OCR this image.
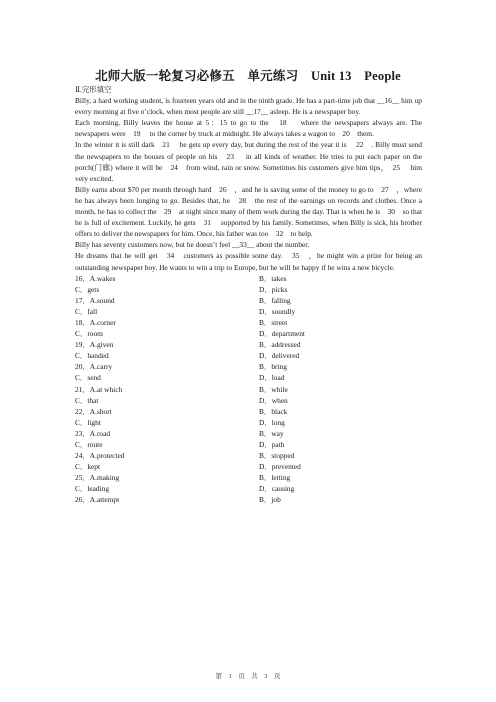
北师大版一轮复习必修五　单元练习　Unit 13　People

Ⅱ.完形填空

Billy, a hard working student, is fourteen years old and in the ninth grade. He has a part-time job that __16__ him up every morning at five o’clock, when most people are still __17__ asleep. He is a newspaper boy.

Each morning, Billy leaves the house at 5：15 to go to the　18　 where the newspapers always are. The newspapers were　19　 to the corner by truck at midnight. He always takes a wagon to　20　them.

In the winter it is still dark　21　 he gets up every day, but during the rest of the year it is 　22　. Billy must send the newspapers to the houses of people on his　23　 in all kinds of weather. He tries to put each paper on the porch(门廊) where it will be　24　from wind, rain or snow. Sometimes his customers give him tips，　25　 him very excited.

Billy earns about $70 per month through hard　26　，and he is saving some of the money to go to　27　，where he has always been longing to go. Besides that, he　28　the rest of the earnings on records and clothes. Once a month, he has to collect the　29　at night since many of them work during the day. That is when he is　30　so that he is full of excitement. Luckily, he gets　31　 supported by his family. Sometimes, when Billy is sick, his brother offers to deliver the newspapers for him. Once, his father was too　32　to help.

Billy has seventy customers now, but he doesn’t feel __33__ about the number.

He dreams that he will get　34　customers as possible some day.　35　，he might win a prize for being an outstanding newspaper boy. He wants to win a trip to Europe, but he will be happy if he wins a new bicycle.

16．A.wakes	B．takes
C．gets	D．picks
17．A.sound	B．falling
C．fall	D．soundly
18．A.corner	B．street
C．room	D．department
19．A.given	B．addressed
C．handed	D．delivered
20．A.carry	B．bring
C．send	D．load
21．A.at which	B．while
C．that	D．when
22．A.short	B．black
C．light	D．long
23．A.road	B．way
C．route	D．path
24．A.protected	B．stopped
C．kept	D．prevented
25．A.making	B．letting
C．leading	D．causing
26．A.attempt	B．job
第　1　页　共　3　页
